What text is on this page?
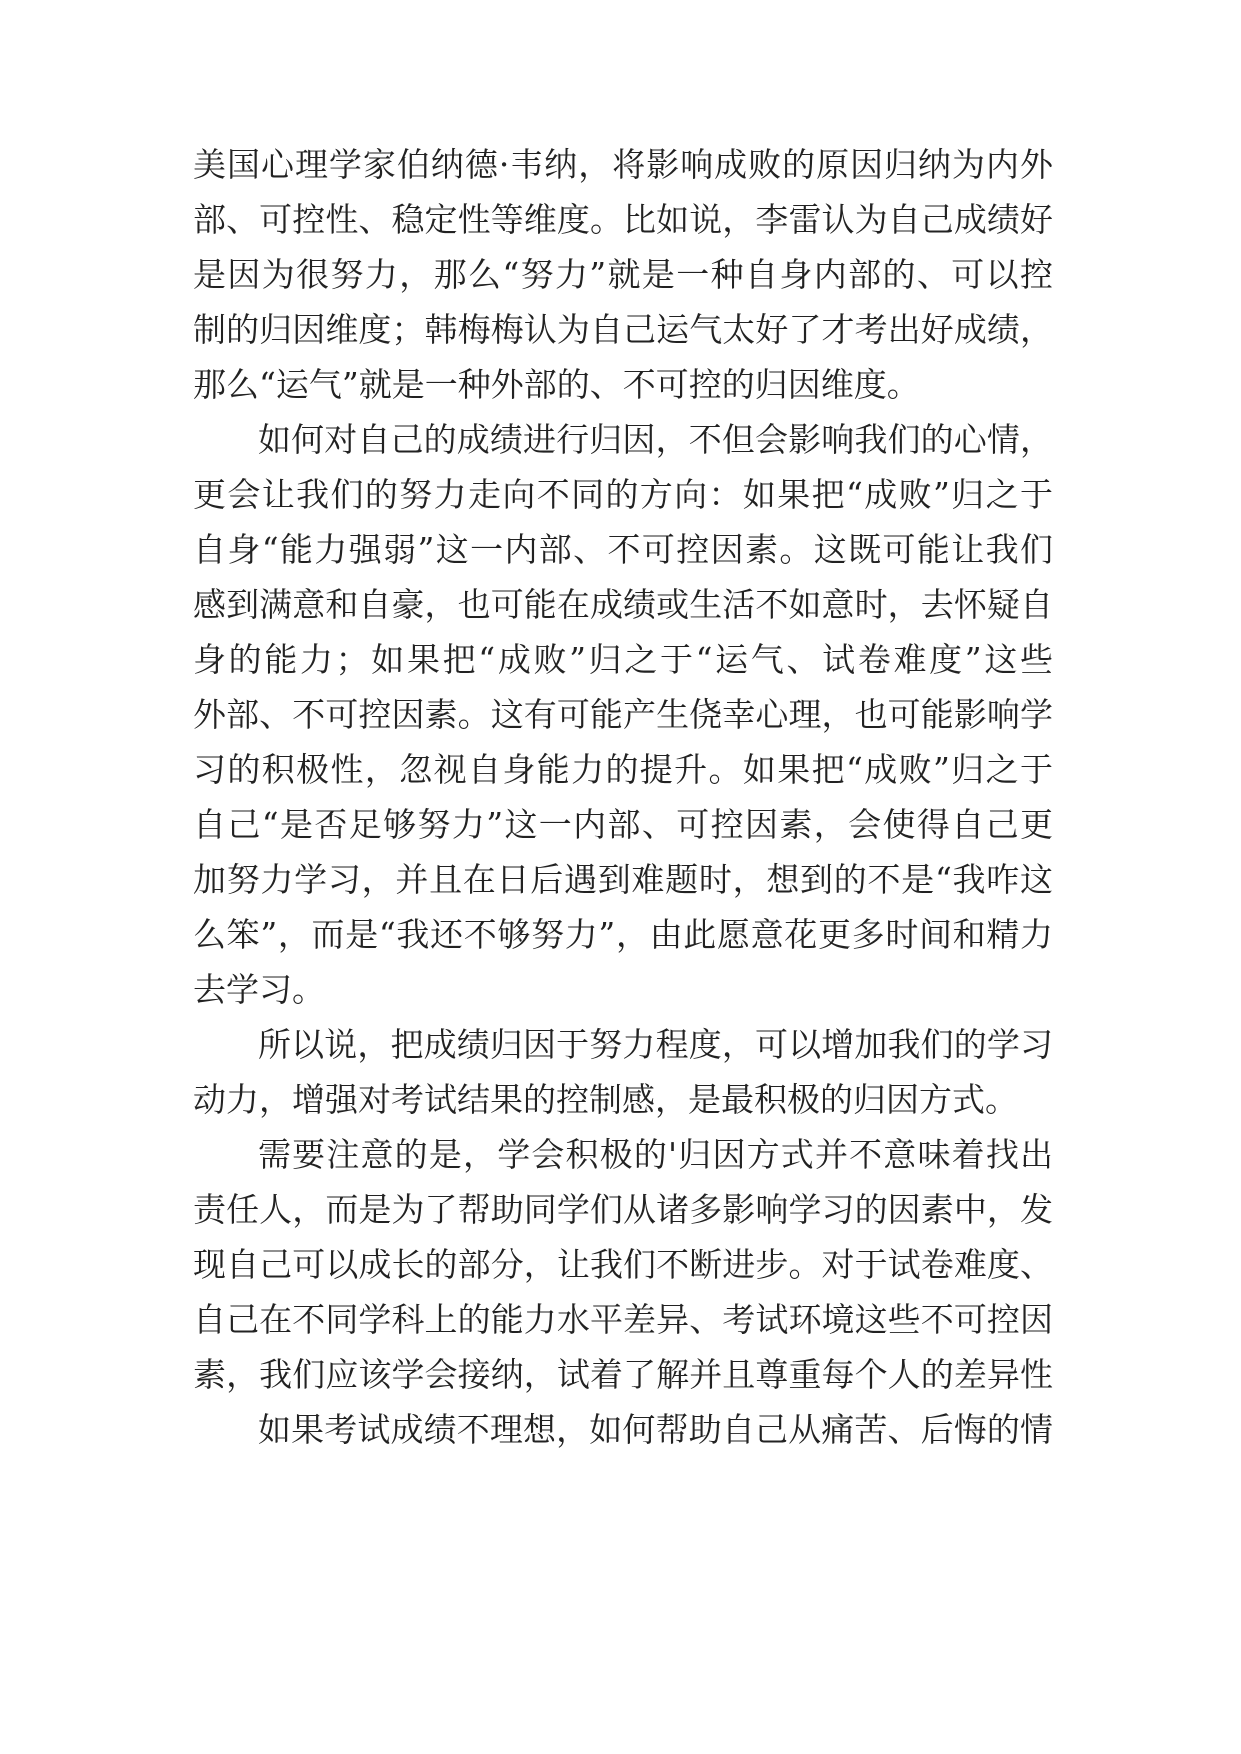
美国心理学家伯纳德·韦纳，将影响成败的原因归纳为内外
部、可控性、稳定性等维度。比如说，李雷认为自己成绩好
是因为很努力，那么“努力”就是一种自身内部的、可以控
制的归因维度；韩梅梅认为自己运气太好了才考出好成绩，
那么“运气”就是一种外部的、不可控的归因维度。
如何对自己的成绩进行归因，不但会影响我们的心情，
更会让我们的努力走向不同的方向：如果把“成败”归之于
自身“能力强弱”这一内部、不可控因素。这既可能让我们
感到满意和自豪，也可能在成绩或生活不如意时，去怀疑自
身的能力；如果把“成败”归之于“运气、试卷难度”这些
外部、不可控因素。这有可能产生侥幸心理，也可能影响学
习的积极性，忽视自身能力的提升。如果把“成败”归之于
自己“是否足够努力”这一内部、可控因素，会使得自己更
加努力学习，并且在日后遇到难题时，想到的不是“我咋这
么笨”，而是“我还不够努力”，由此愿意花更多时间和精力
去学习。
所以说，把成绩归因于努力程度，可以增加我们的学习
动力，增强对考试结果的控制感，是最积极的归因方式。
需要注意的是，学会积极的'归因方式并不意味着找出
责任人，而是为了帮助同学们从诸多影响学习的因素中，发
现自己可以成长的部分，让我们不断进步。对于试卷难度、
自己在不同学科上的能力水平差异、考试环境这些不可控因
素，我们应该学会接纳，试着了解并且尊重每个人的差异性
如果考试成绩不理想，如何帮助自己从痛苦、后悔的情
